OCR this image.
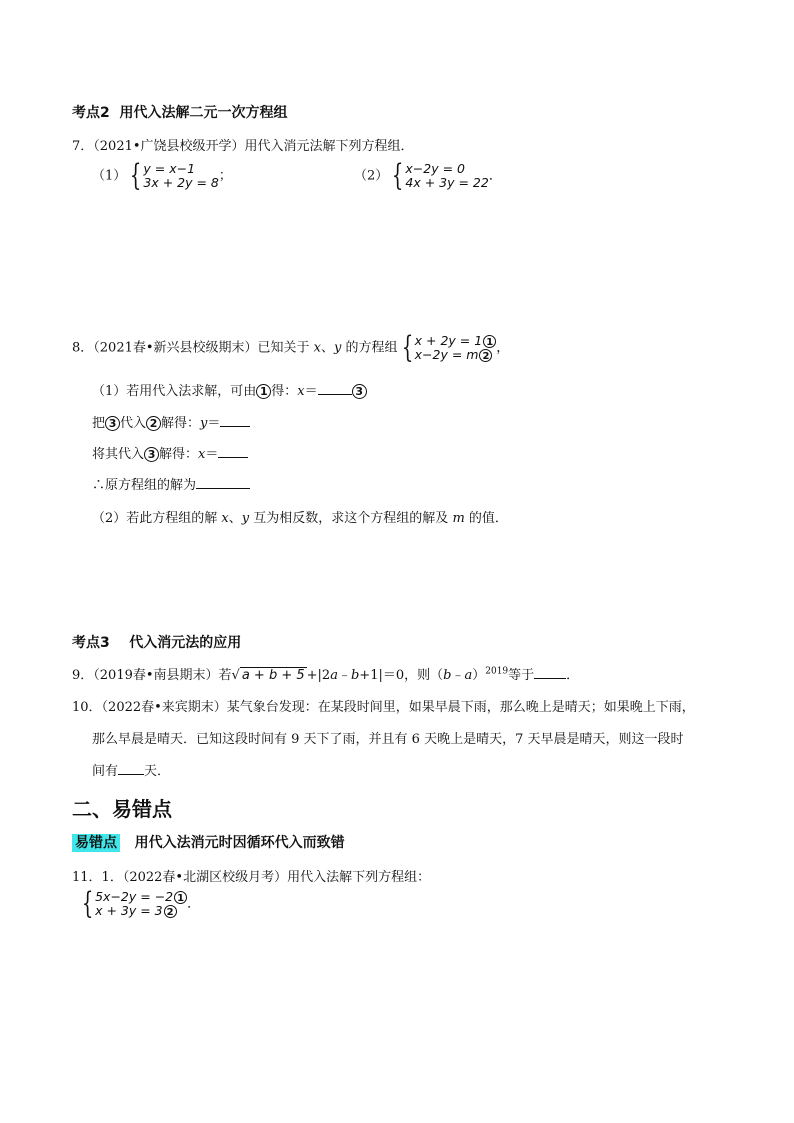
考点2 用代入法解二元一次方程组
7．（2021•广饶县校级开学）用代入消元法解下列方程组．
（1） { y = x−1
3x + 2y = 8 ；	（2） { x−2y = 0
4x + 3y = 22 ．
8．（2021春•新兴县校级期末）已知关于 x、y 的方程组 { x + 2y = 1 1
x−2y = m 2
，
（1）若用代入法求解，可由 1 得：x＝	3
把 3 代入 2 解得：y＝
将其代入 3 解得：x＝
∴原方程组的解为
（2）若此方程组的解 x、y 互为相反数，求这个方程组的解及 m 的值．
考点3 代入消元法的应用
9．（2019春•南县期末）若√ a + b + 5 +|2a﹣b+1|＝0，则（b﹣a）$^{2019}$等于 ．
10．（2022春•来宾期末）某气象台发现：在某段时间里，如果早晨下雨，那么晚上是晴天；如果晚上下雨，
那么早晨是晴天．已知这段时间有 9 天下了雨，并且有 6 天晚上是晴天，7 天早晨是晴天，则这一段时
间有 天．
二、易错点
易错点 用代入法消元时因循环代入而致错
11．1．（2022春•北湖区校级月考）用代入法解下列方程组：
{ 5x−2y = −2 1
x + 3y = 3 2
．
